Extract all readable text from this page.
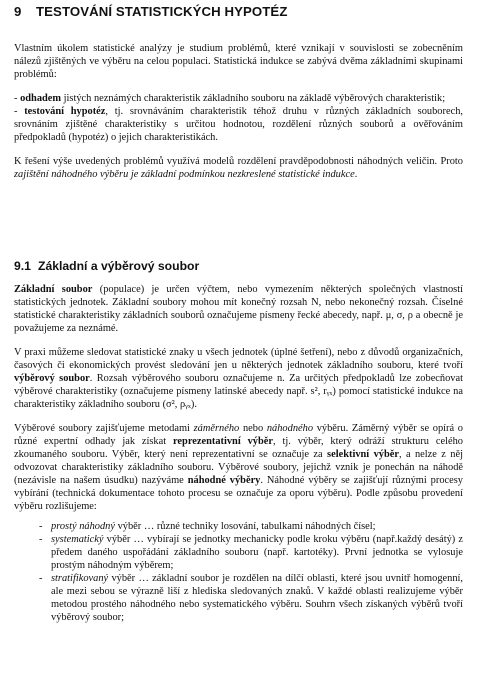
9 TESTOVÁNÍ STATISTICKÝCH HYPOTÉZ

Vlastním úkolem statistické analýzy je studium problémů, které vznikají v souvislosti se zobecněním nálezů zjištěných ve výběru na celou populaci. Statistická indukce se zabývá dvěma základními skupinami problémů:

- odhadem jistých neznámých charakteristik základního souboru na základě výběrových charakteristik;

- testování hypotéz, tj. srovnáváním charakteristik téhož druhu v různých základních souborech, srovnáním zjištěné charakteristiky s určitou hodnotou, rozdělení různých souborů a ověřováním předpokladů (hypotéz) o jejich charakteristikách.

K řešení výše uvedených problémů využívá modelů rozdělení pravděpodobnosti náhodných veličin. Proto zajištění náhodného výběru je základní podmínkou nezkreslené statistické indukce.

9.1 Základní a výběrový soubor

Základní soubor (populace) je určen výčtem, nebo vymezením některých společných vlastností statistických jednotek. Základní soubory mohou mít konečný rozsah N, nebo nekonečný rozsah. Číselné statistické charakteristiky základních souborů označujeme písmeny řecké abecedy, např. μ, σ, ρ a obecně je považujeme za neznámé.

V praxi můžeme sledovat statistické znaky u všech jednotek (úplné šetření), nebo z důvodů organizačních, časových či ekonomických provést sledování jen u některých jednotek základního souboru, které tvoří výběrový soubor. Rozsah výběrového souboru označujeme n. Za určitých předpokladů lze zobecňovat výběrové charakteristiky (označujeme písmeny latinské abecedy např. s², rᵧₓ) pomocí statistické indukce na charakteristiky základního souboru (σ², ρᵧₓ).

Výběrové soubory zajišťujeme metodami záměrného nebo náhodného výběru. Záměrný výběr se opírá o různé expertní odhady jak získat reprezentativní výběr, tj. výběr, který odráží strukturu celého zkoumaného souboru. Výběr, který není reprezentativní se označuje za selektivní výběr, a nelze z něj odvozovat charakteristiky základního souboru. Výběrové soubory, jejichž vznik je ponechán na náhodě (nezávisle na našem úsudku) nazýváme náhodné výběry. Náhodné výběry se zajišťují různými procesy vybírání (technická dokumentace tohoto procesu se označuje za oporu výběru). Podle způsobu provedení výběru rozlišujeme:

- prostý náhodný výběr … různé techniky losování, tabulkami náhodných čísel;
- systematický výběr … vybírají se jednotky mechanicky podle kroku výběru (např.každý desátý) z předem daného uspořádání základního souboru (např. kartotéky). První jednotka se vylosuje prostým náhodným výběrem;
- stratifikovaný výběr … základní soubor je rozdělen na dílčí oblasti, které jsou uvnitř homogenní, ale mezi sebou se výrazně liší z hlediska sledovaných znaků. V každé oblasti realizujeme výběr metodou prostého náhodného nebo systematického výběru. Souhrn všech získaných výběrů tvoří výběrový soubor;
